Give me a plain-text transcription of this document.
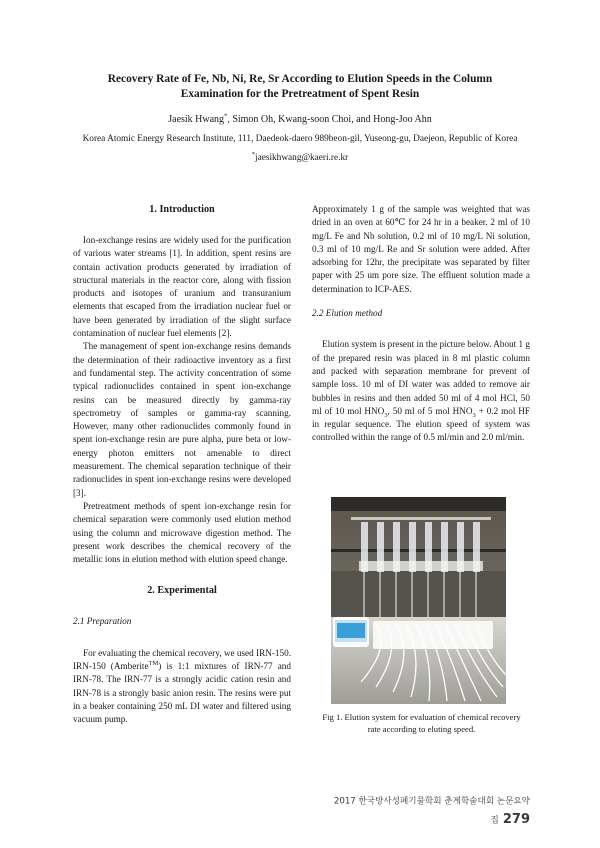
Recovery Rate of Fe, Nb, Ni, Re, Sr According to Elution Speeds in the Column
Examination for the Pretreatment of Spent Resin
Jaesik Hwang*, Simon Oh, Kwang-soon Choi, and Hong-Joo Ahn
Korea Atomic Energy Research Institute, 111, Daedeok-daero 989beon-gil, Yuseong-gu, Daejeon, Republic of Korea
*jaesikhwang@kaeri.re.kr
1. Introduction

Ion-exchange resins are widely used for the purification of various water streams [1]. In addition, spent resins are contain activation products generated by irradiation of structural materials in the reactor core, along with fission products and isotopes of uranium and transuranium elements that escaped from the irradiation nuclear fuel or have been generated by irradiation of the slight surface contamination of nuclear fuel elements [2].

The management of spent ion-exchange resins demands the determination of their radioactive inventory as a first and fundamental step. The activity concentration of some typical radionuclides contained in spent ion-exchange resins can be measured directly by gamma-ray spectrometry of samples or gamma-ray scanning. However, many other radionuclides commonly found in spent ion-exchange resin are pure alpha, pure beta or low-energy photon emitters not amenable to direct measurement. The chemical separation technique of their radionuclides in spent ion-exchange resins were developed [3].

Pretreatment methods of spent ion-exchange resin for chemical separation were commonly used elution method using the column and microwave digestion method. The present work describes the chemical recovery of the metallic ions in elution method with elution speed change.

2. Experimental
2.1 Preparation

For evaluating the chemical recovery, we used IRN-150. IRN-150 (Amberite™) is 1:1 mixtures of IRN-77 and IRN-78. The IRN-77 is a strongly acidic cation resin and IRN-78 is a strongly basic anion resin. The resins were put in a beaker containing 250 mL DI water and filtered using vacuum pump.

Approximately 1 g of the sample was weighted that was dried in an oven at 60℃ for 24 hr in a beaker. 2 ml of 10 mg/L Fe and Nb solution, 0.2 ml of 10 mg/L Ni solution, 0.3 ml of 10 mg/L Re and Sr solution were added. After adsorbing for 12hr, the precipitate was separated by filter paper with 25 um pore size. The effluent solution made a determination to ICP-AES.

2.2 Elution method

Elution system is present in the picture below. About 1 g of the prepared resin was placed in 8 ml plastic column and packed with separation membrane for prevent of sample loss. 10 ml of DI water was added to remove air bubbles in resins and then added 50 ml of 4 mol HCl, 50 ml of 10 mol $HNO_3$, 50 ml of 5 mol $HNO_3 + 0.2$ mol HF in regular sequence. The elution speed of system was controlled within the range of 0.5 ml/min and 2.0 ml/min.

Fig 1. Elution system for evaluation of chemical recovery
rate according to eluting speed.
2017 한국방사성폐기물학회 춘계학술대회 논문요약집 279
